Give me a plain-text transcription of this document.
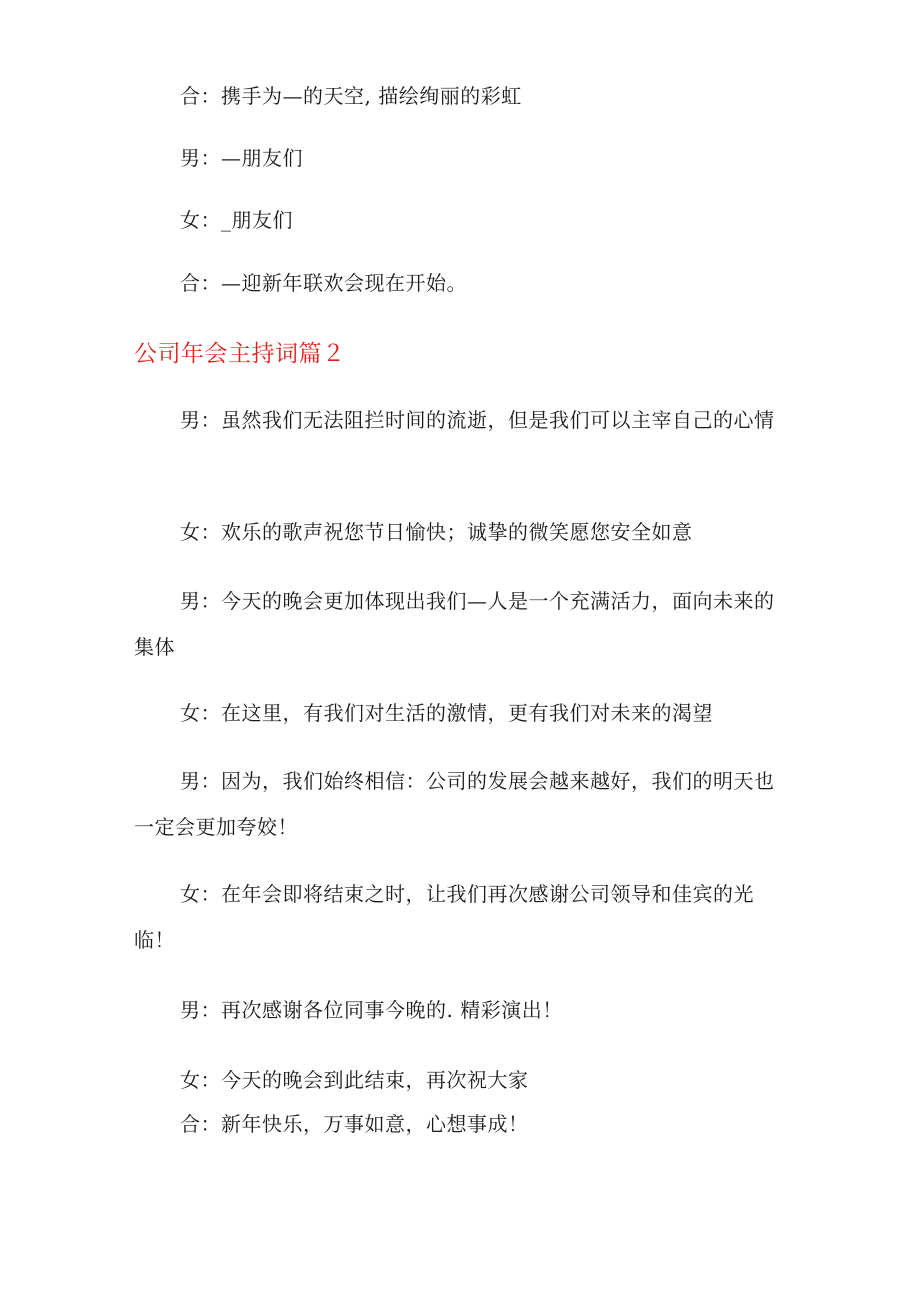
合：携手为—的天空, 描绘绚丽的彩虹
男：—朋友们
女：_朋友们
合：—迎新年联欢会现在开始。
公司年会主持词篇２
男：虽然我们无法阻拦时间的流逝，但是我们可以主宰自己的心情
女：欢乐的歌声祝您节日愉快；诚挚的微笑愿您安全如意
男：今天的晚会更加体现出我们—人是一个充满活力，面向未来的集体
女：在这里，有我们对生活的激情，更有我们对未来的渴望
男：因为，我们始终相信：公司的发展会越来越好，我们的明天也一定会更加夸姣！
女：在年会即将结束之时，让我们再次感谢公司领导和佳宾的光临！
男：再次感谢各位同事今晚的. 精彩演出！
女：今天的晚会到此结束，再次祝大家
合：新年快乐，万事如意，心想事成！
